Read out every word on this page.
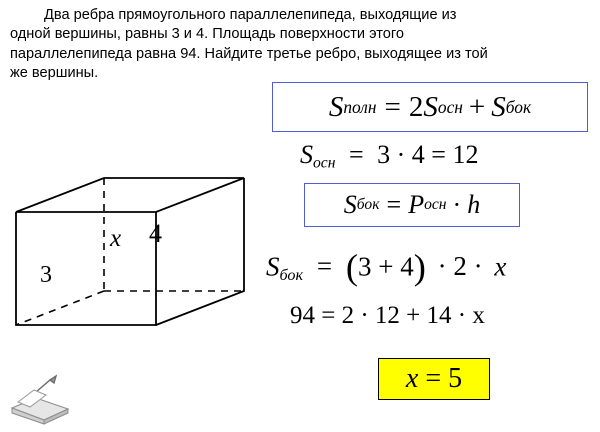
Два ребра прямоугольного параллелепипеда, выходящие из
одной вершины, равны 3 и 4. Площадь поверхности этого
параллелепипеда равна 94. Найдите третье ребро, выходящее из той
же вершины.
x 4
3
S полн = 2 S осн + S бок
$S_{осн} = 3 \cdot 4 = 12$
S бок = P осн · h
$S_{бок} = (3 + 4) \cdot 2 \cdot x$
94 = 2 · 12 + 14 · x
x = 5
